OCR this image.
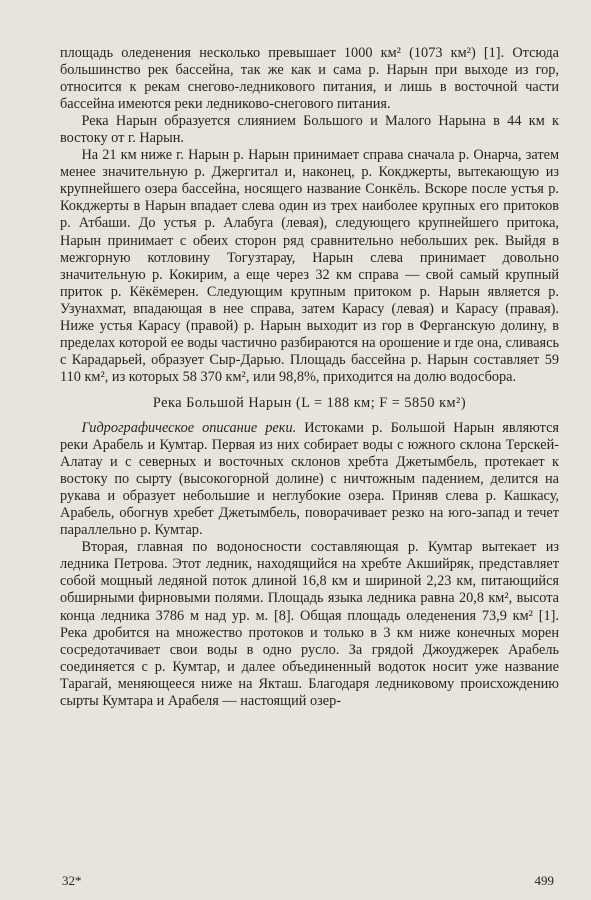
площадь оледенения несколько превышает 1000 км² (1073 км²) [1]. Отсюда большинство рек бассейна, так же как и сама р. Нарын при выходе из гор, относится к рекам снегово-ледникового питания, и лишь в восточной части бассейна имеются реки ледниково-снегового питания.

Река Нарын образуется слиянием Большого и Малого Нарына в 44 км к востоку от г. Нарын.

На 21 км ниже г. Нарын р. Нарын принимает справа сначала р. Онарча, затем менее значительную р. Джергитал и, наконец, р. Кокджерты, вытекающую из крупнейшего озера бассейна, носящего название Сонкёль. Вскоре после устья р. Кокджерты в Нарын впадает слева один из трех наиболее крупных его притоков р. Атбаши. До устья р. Алабуга (левая), следующего крупнейшего притока, Нарын принимает с обеих сторон ряд сравнительно небольших рек. Выйдя в межгорную котловину Тогузтарау, Нарын слева принимает довольно значительную р. Кокирим, а еще через 32 км справа — свой самый крупный приток р. Кёкёмерен. Следующим крупным притоком р. Нарын является р. Узунахмат, впадающая в нее справа, затем Карасу (левая) и Карасу (правая). Ниже устья Карасу (правой) р. Нарын выходит из гор в Ферганскую долину, в пределах которой ее воды частично разбираются на орошение и где она, сливаясь с Карадарьей, образует Сыр-Дарью. Площадь бассейна р. Нарын составляет 59 110 км², из которых 58 370 км², или 98,8%, приходится на долю водосбора.

Река Большой Нарын (L = 188 км; F = 5850 км²)

Гидрографическое описание реки. Истоками р. Большой Нарын являются реки Арабель и Кумтар. Первая из них собирает воды с южного склона Терскей-Алатау и с северных и восточных склонов хребта Джетымбель, протекает к востоку по сырту (высокогорной долине) с ничтожным падением, делится на рукава и образует небольшие и неглубокие озера. Приняв слева р. Кашкасу, Арабель, обогнув хребет Джетымбель, поворачивает резко на юго-запад и течет параллельно р. Кумтар.

Вторая, главная по водоносности составляющая р. Кумтар вытекает из ледника Петрова. Этот ледник, находящийся на хребте Акшийряк, представляет собой мощный ледяной поток длиной 16,8 км и шириной 2,23 км, питающийся обширными фирновыми полями. Площадь языка ледника равна 20,8 км², высота конца ледника 3786 м над ур. м. [8]. Общая площадь оледенения 73,9 км² [1]. Река дробится на множество протоков и только в 3 км ниже конечных морен сосредотачивает свои воды в одно русло. За грядой Джоуджерек Арабель соединяется с р. Кумтар, и далее объединенный водоток носит уже название Тарагай, меняющееся ниже на Якташ. Благодаря ледниковому происхождению сырты Кумтара и Арабеля — настоящий озер-

32*	499
